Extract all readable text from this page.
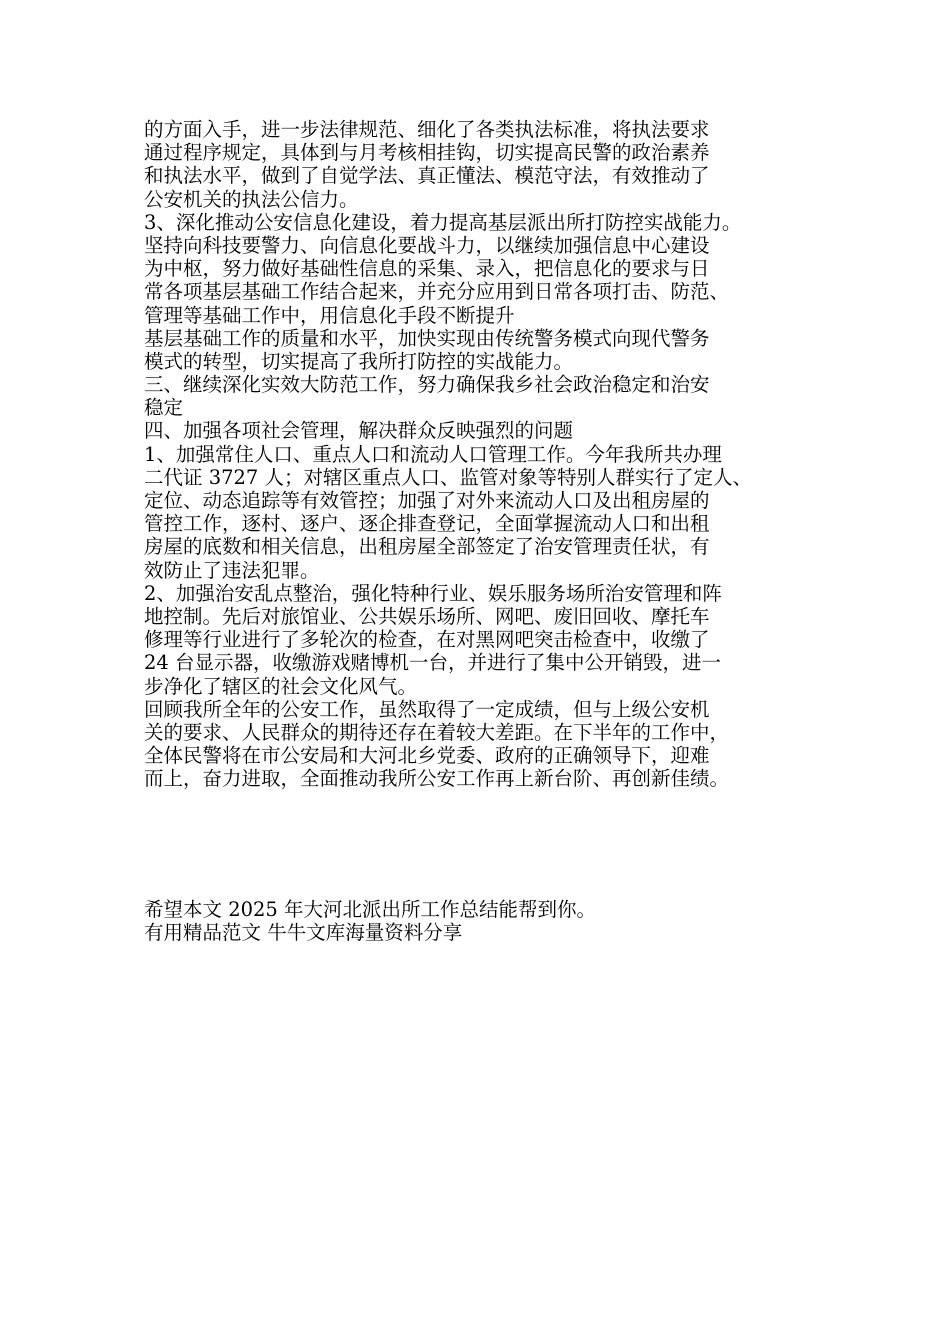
的方面入手，进一步法律规范、细化了各类执法标准，将执法要求
通过程序规定，具体到与月考核相挂钩，切实提高民警的政治素养
和执法水平，做到了自觉学法、真正懂法、模范守法，有效推动了
公安机关的执法公信力。
3、深化推动公安信息化建设，着力提高基层派出所打防控实战能力。
坚持向科技要警力、向信息化要战斗力，以继续加强信息中心建设
为中枢，努力做好基础性信息的采集、录入，把信息化的要求与日
常各项基层基础工作结合起来，并充分应用到日常各项打击、防范、
管理等基础工作中，用信息化手段不断提升
基层基础工作的质量和水平，加快实现由传统警务模式向现代警务
模式的转型，切实提高了我所打防控的实战能力。
三、继续深化实效大防范工作，努力确保我乡社会政治稳定和治安
稳定
四、加强各项社会管理，解决群众反映强烈的问题
1、加强常住人口、重点人口和流动人口管理工作。今年我所共办理
二代证 3727 人；对辖区重点人口、监管对象等特别人群实行了定人、
定位、动态追踪等有效管控；加强了对外来流动人口及出租房屋的
管控工作，逐村、逐户、逐企排查登记，全面掌握流动人口和出租
房屋的底数和相关信息，出租房屋全部签定了治安管理责任状，有
效防止了违法犯罪。
2、加强治安乱点整治，强化特种行业、娱乐服务场所治安管理和阵
地控制。先后对旅馆业、公共娱乐场所、网吧、废旧回收、摩托车
修理等行业进行了多轮次的检查，在对黑网吧突击检查中，收缴了
24 台显示器，收缴游戏赌博机一台，并进行了集中公开销毁，进一
步净化了辖区的社会文化风气。
回顾我所全年的公安工作，虽然取得了一定成绩，但与上级公安机
关的要求、人民群众的期待还存在着较大差距。在下半年的工作中，
全体民警将在市公安局和大河北乡党委、政府的正确领导下，迎难
而上，奋力进取，全面推动我所公安工作再上新台阶、再创新佳绩。
希望本文 2025 年大河北派出所工作总结能帮到你。
有用精品范文 牛牛文库海量资料分享
